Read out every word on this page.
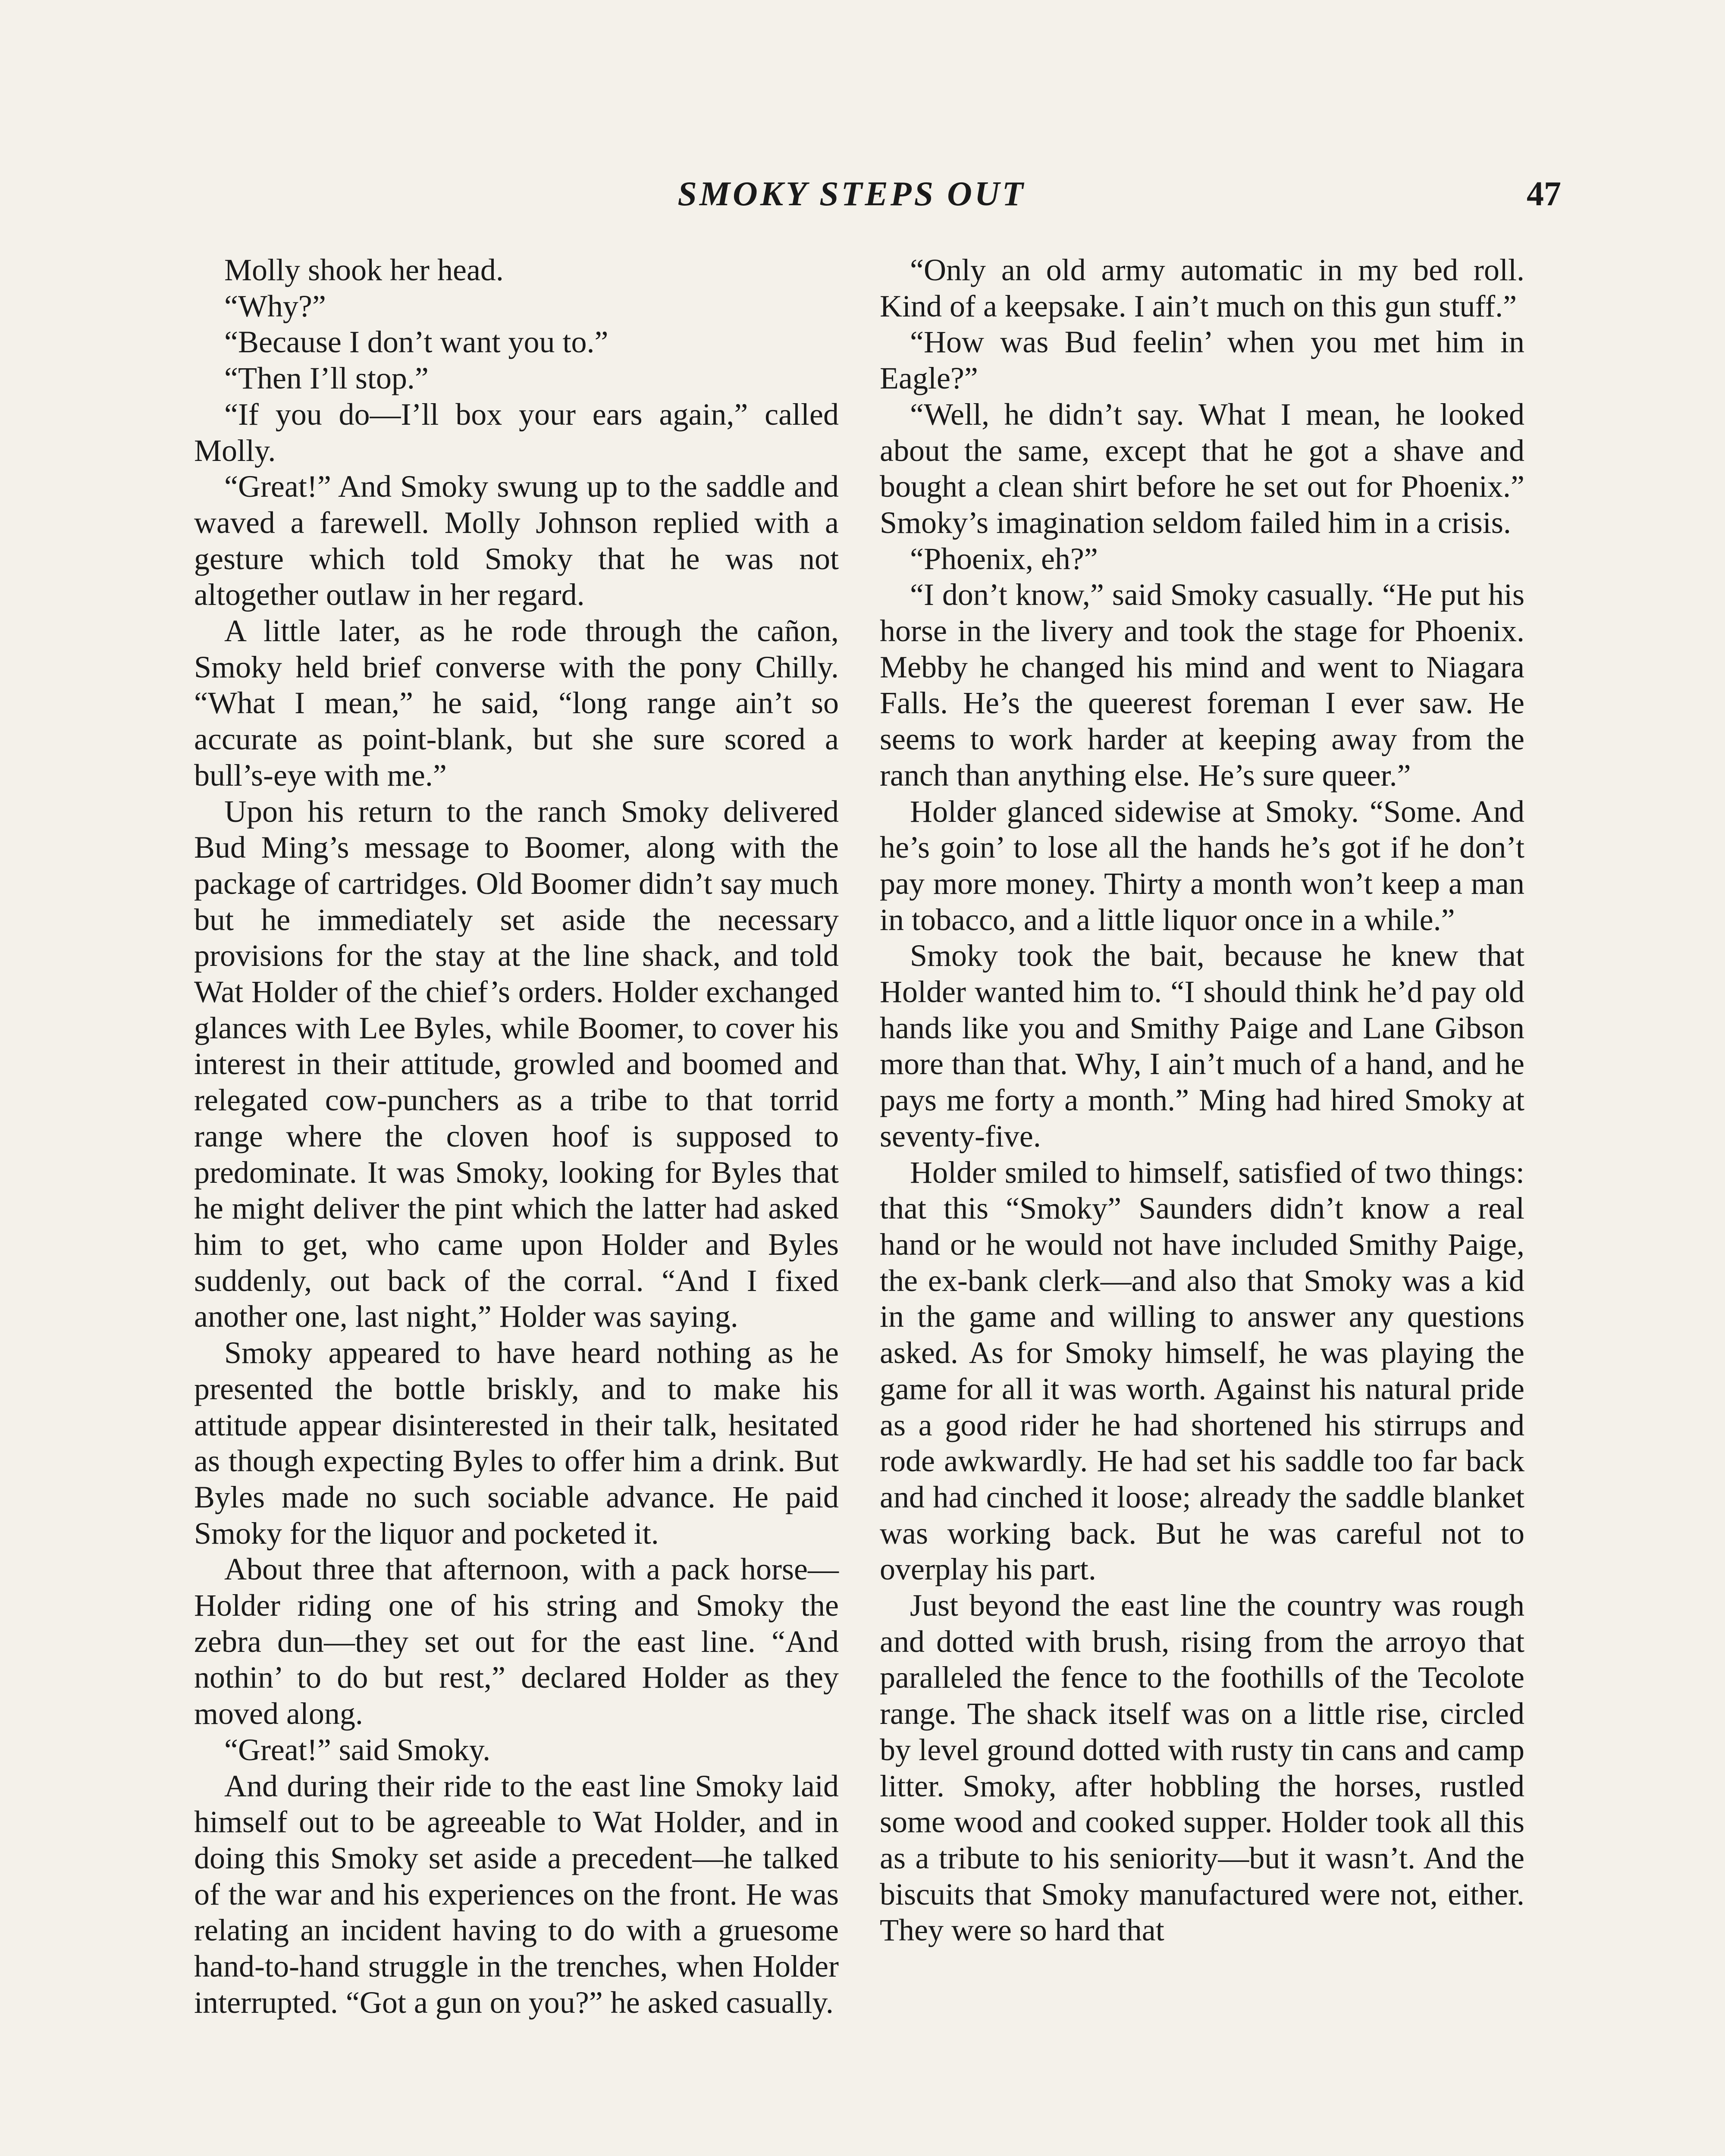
SMOKY STEPS OUT	47

Molly shook her head.

“Why?”

“Because I don’t want you to.”

“Then I’ll stop.”

“If you do—I’ll box your ears again,” called Molly.

“Great!” And Smoky swung up to the saddle and waved a farewell. Molly Johnson replied with a gesture which told Smoky that he was not altogether outlaw in her regard.

A little later, as he rode through the cañon, Smoky held brief converse with the pony Chilly. “What I mean,” he said, “long range ain’t so accurate as point-blank, but she sure scored a bull’s-eye with me.”

Upon his return to the ranch Smoky delivered Bud Ming’s message to Boomer, along with the package of cartridges. Old Boomer didn’t say much but he immediately set aside the necessary provisions for the stay at the line shack, and told Wat Holder of the chief’s orders. Holder exchanged glances with Lee Byles, while Boomer, to cover his interest in their attitude, growled and boomed and relegated cow-punchers as a tribe to that torrid range where the cloven hoof is supposed to predominate. It was Smoky, looking for Byles that he might deliver the pint which the latter had asked him to get, who came upon Holder and Byles suddenly, out back of the corral. “And I fixed another one, last night,” Holder was saying.

Smoky appeared to have heard nothing as he presented the bottle briskly, and to make his attitude appear disinterested in their talk, hesitated as though expecting Byles to offer him a drink. But Byles made no such sociable advance. He paid Smoky for the liquor and pocketed it.

About three that afternoon, with a pack horse—Holder riding one of his string and Smoky the zebra dun—they set out for the east line. “And nothin’ to do but rest,” declared Holder as they moved along.

“Great!” said Smoky.

And during their ride to the east line Smoky laid himself out to be agreeable to Wat Holder, and in doing this Smoky set aside a precedent—he talked of the war and his experiences on the front. He was relating an incident having to do with a gruesome hand-to-hand struggle in the trenches, when Holder interrupted. “Got a gun on you?” he asked casually.

“Only an old army automatic in my bed roll. Kind of a keepsake. I ain’t much on this gun stuff.”

“How was Bud feelin’ when you met him in Eagle?”

“Well, he didn’t say. What I mean, he looked about the same, except that he got a shave and bought a clean shirt before he set out for Phoenix.” Smoky’s imagination seldom failed him in a crisis.

“Phoenix, eh?”

“I don’t know,” said Smoky casually. “He put his horse in the livery and took the stage for Phoenix. Mebby he changed his mind and went to Niagara Falls. He’s the queerest foreman I ever saw. He seems to work harder at keeping away from the ranch than anything else. He’s sure queer.”

Holder glanced sidewise at Smoky. “Some. And he’s goin’ to lose all the hands he’s got if he don’t pay more money. Thirty a month won’t keep a man in tobacco, and a little liquor once in a while.”

Smoky took the bait, because he knew that Holder wanted him to. “I should think he’d pay old hands like you and Smithy Paige and Lane Gibson more than that. Why, I ain’t much of a hand, and he pays me forty a month.” Ming had hired Smoky at seventy-five.

Holder smiled to himself, satisfied of two things: that this “Smoky” Saunders didn’t know a real hand or he would not have included Smithy Paige, the ex-bank clerk—and also that Smoky was a kid in the game and willing to answer any questions asked. As for Smoky himself, he was playing the game for all it was worth. Against his natural pride as a good rider he had shortened his stirrups and rode awkwardly. He had set his saddle too far back and had cinched it loose; already the saddle blanket was working back. But he was careful not to overplay his part.

Just beyond the east line the country was rough and dotted with brush, rising from the arroyo that paralleled the fence to the foothills of the Tecolote range. The shack itself was on a little rise, circled by level ground dotted with rusty tin cans and camp litter. Smoky, after hobbling the horses, rustled some wood and cooked supper. Holder took all this as a tribute to his seniority—but it wasn’t. And the biscuits that Smoky manufactured were not, either. They were so hard that
